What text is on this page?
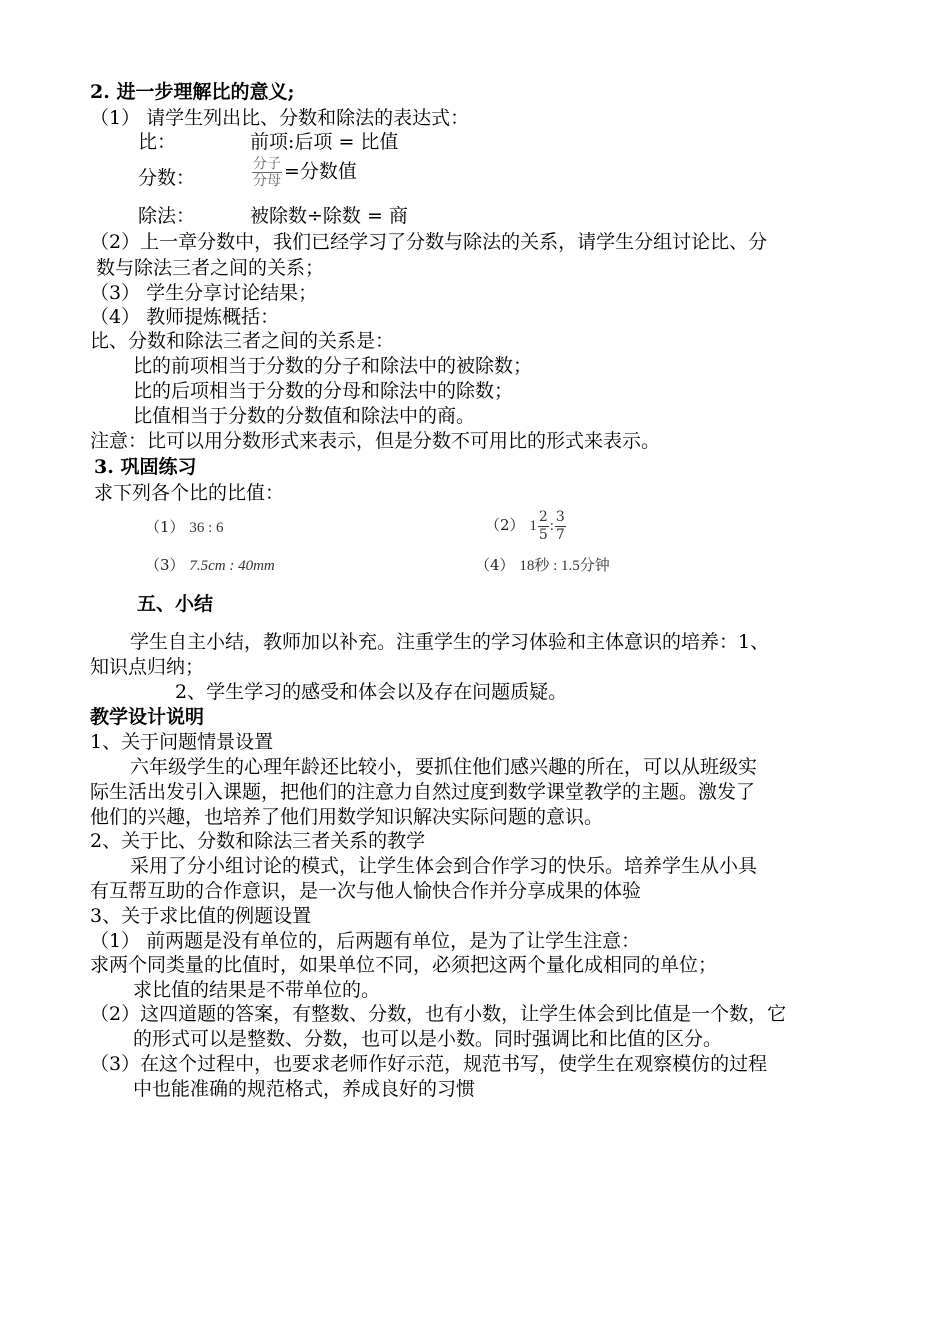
2. 进一步理解比的意义;
（1） 请学生列出比、分数和除法的表达式：
比：	前项:后项 = 比值
分数：	$\frac{\text{分子}}{\text{分母}}$ =分数值
除法：	被除数÷除数 = 商
（2）上一章分数中，我们已经学习了分数与除法的关系，请学生分组讨论比、分
数与除法三者之间的关系；
（3） 学生分享讨论结果；
（4） 教师提炼概括：
比、分数和除法三者之间的关系是：
比的前项相当于分数的分子和除法中的被除数；
比的后项相当于分数的分母和除法中的除数；
比值相当于分数的分数值和除法中的商。
注意：比可以用分数形式来表示，但是分数不可用比的形式来表示。
3. 巩固练习
求下列各个比的比值：
（1） 36 : 6	（2） $1 \frac{2}{5}$ : $\frac{3}{7}$
（3） 7.5cm : 40mm	（4） 18秒 : 1.5分钟
五、小结
学生自主小结，教师加以补充。注重学生的学习体验和主体意识的培养：1、
知识点归纳；
2、学生学习的感受和体会以及存在问题质疑。
教学设计说明
1、关于问题情景设置
六年级学生的心理年龄还比较小，要抓住他们感兴趣的所在，可以从班级实
际生活出发引入课题，把他们的注意力自然过度到数学课堂教学的主题。激发了
他们的兴趣，也培养了他们用数学知识解决实际问题的意识。
2、关于比、分数和除法三者关系的教学
采用了分小组讨论的模式，让学生体会到合作学习的快乐。培养学生从小具
有互帮互助的合作意识，是一次与他人愉快合作并分享成果的体验
3、关于求比值的例题设置
（1） 前两题是没有单位的，后两题有单位，是为了让学生注意：
求两个同类量的比值时，如果单位不同，必须把这两个量化成相同的单位；
求比值的结果是不带单位的。
（2）这四道题的答案，有整数、分数，也有小数，让学生体会到比值是一个数，它
的形式可以是整数、分数，也可以是小数。同时强调比和比值的区分。
（3）在这个过程中，也要求老师作好示范，规范书写，使学生在观察模仿的过程
中也能准确的规范格式，养成良好的习惯
